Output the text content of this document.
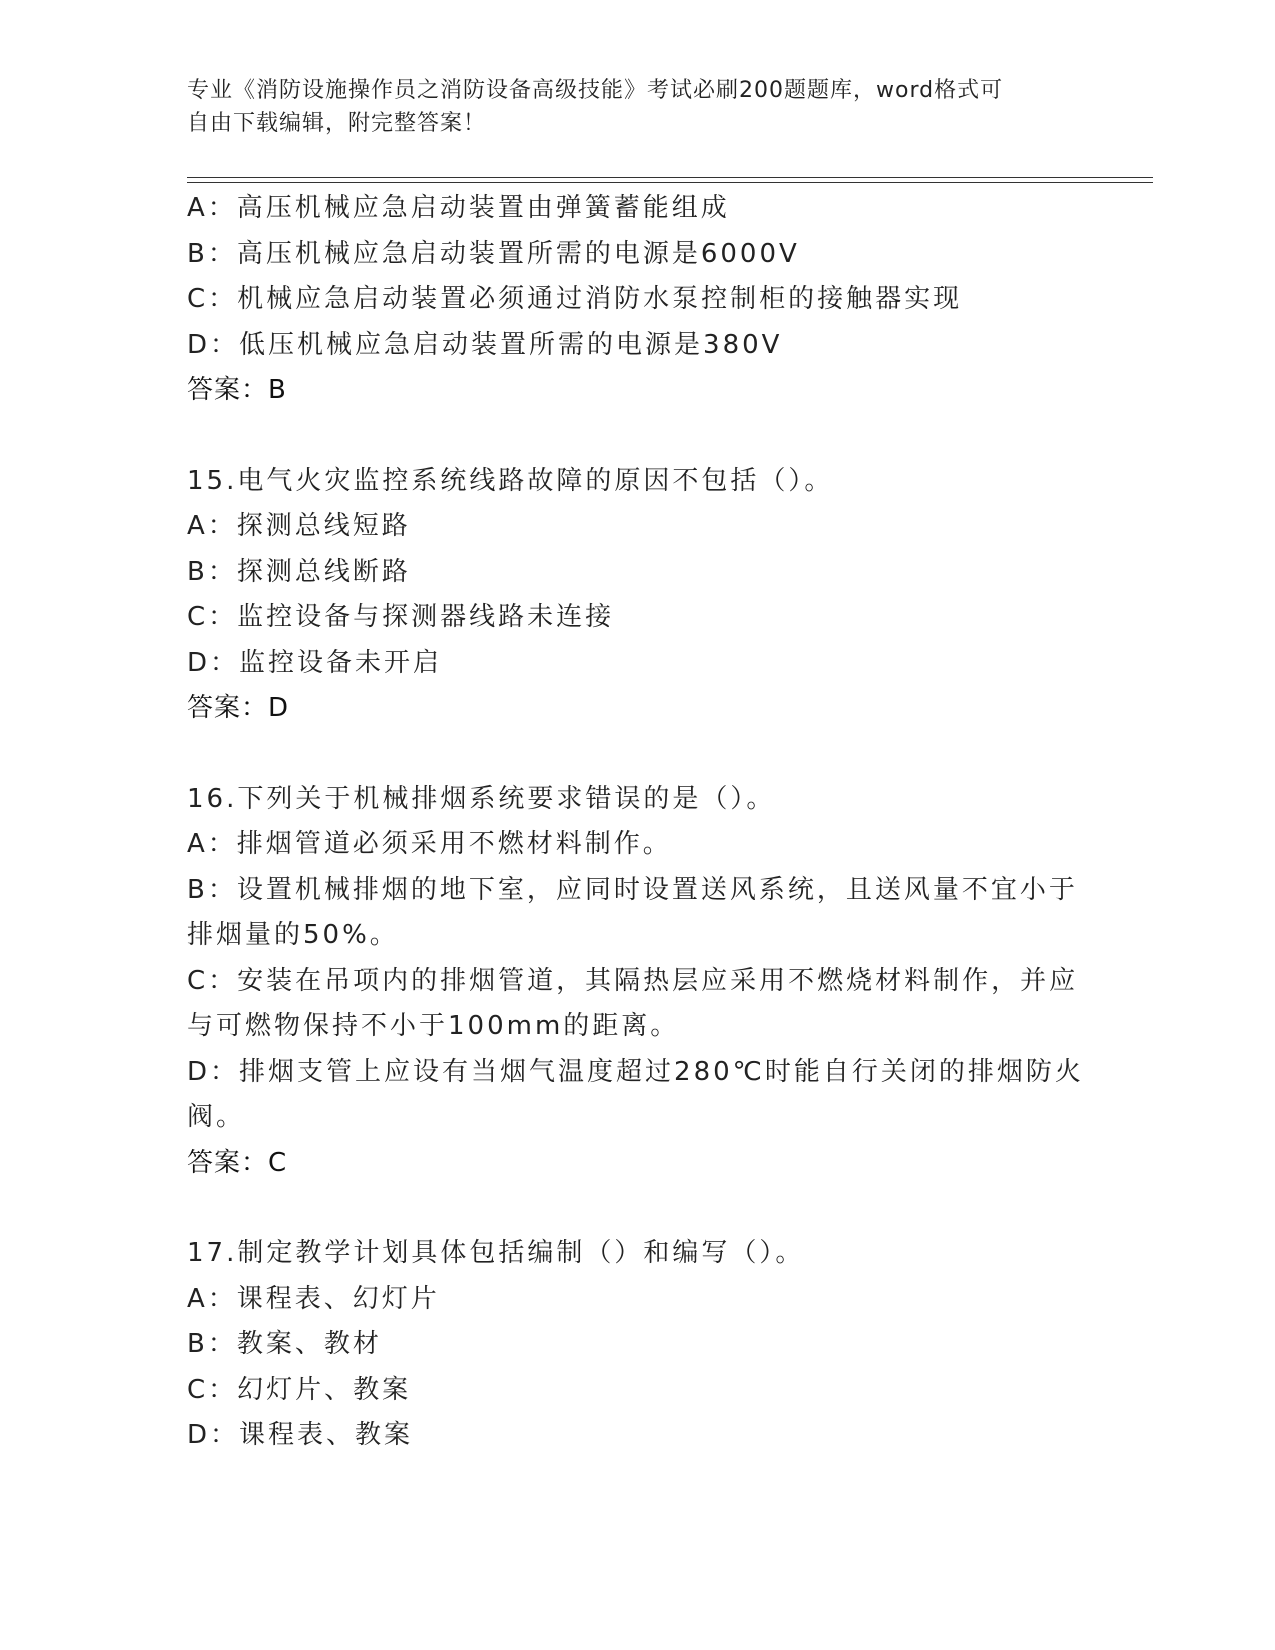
专业《消防设施操作员之消防设备高级技能》考试必刷200题题库，word格式可
自由下载编辑，附完整答案！
A：高压机械应急启动装置由弹簧蓄能组成
B：高压机械应急启动装置所需的电源是6000V
C：机械应急启动装置必须通过消防水泵控制柜的接触器实现
D：低压机械应急启动装置所需的电源是380V
答案：B
15.电气火灾监控系统线路故障的原因不包括（）。
A：探测总线短路
B：探测总线断路
C：监控设备与探测器线路未连接
D：监控设备未开启
答案：D
16.下列关于机械排烟系统要求错误的是（）。
A：排烟管道必须采用不燃材料制作。
B：设置机械排烟的地下室，应同时设置送风系统，且送风量不宜小于
排烟量的50%。
C：安装在吊项内的排烟管道，其隔热层应采用不燃烧材料制作，并应
与可燃物保持不小于100mm的距离。
D：排烟支管上应设有当烟气温度超过280℃时能自行关闭的排烟防火
阀。
答案：C
17.制定教学计划具体包括编制（）和编写（）。
A：课程表、幻灯片
B：教案、教材
C：幻灯片、教案
D：课程表、教案
